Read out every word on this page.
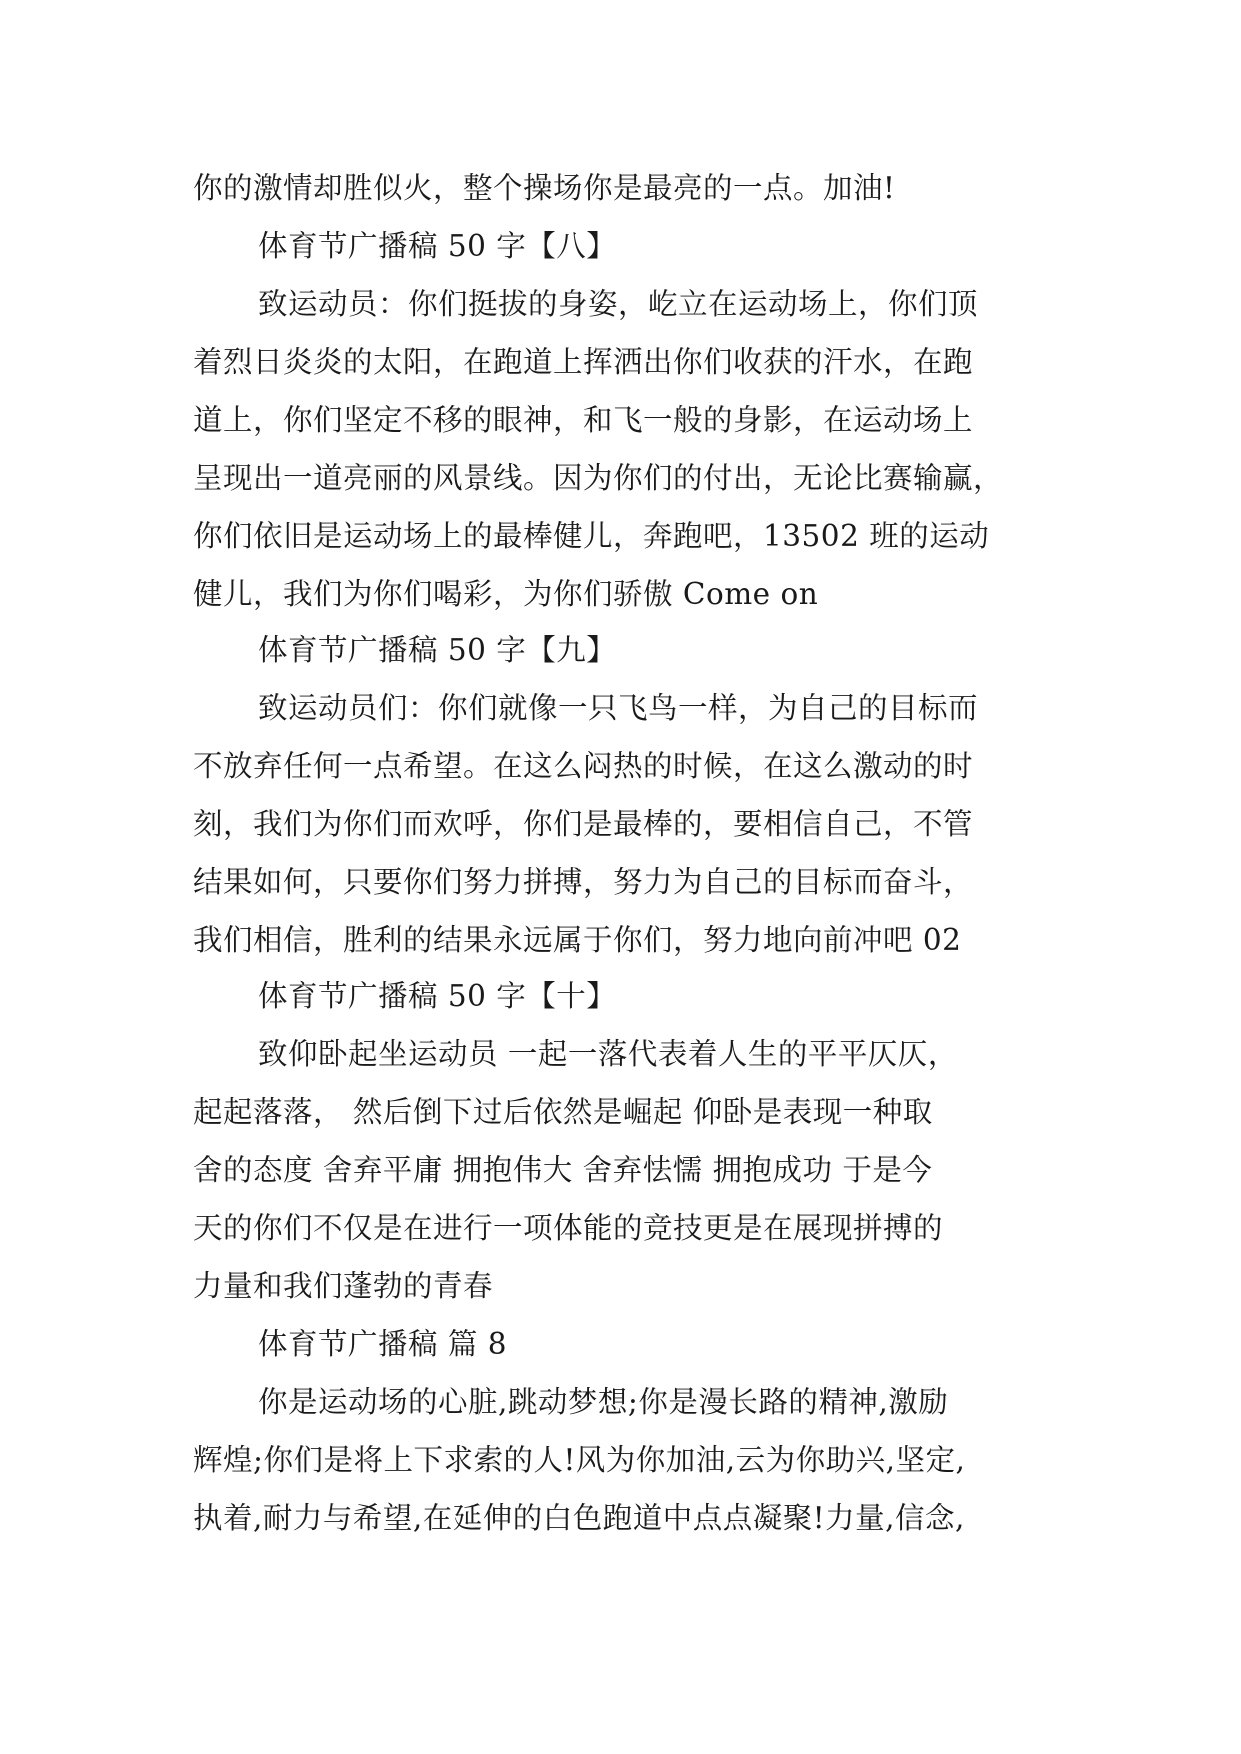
你的激情却胜似火，整个操场你是最亮的一点。加油!
体育节广播稿 50 字【八】
致运动员：你们挺拔的身姿，屹立在运动场上，你们顶
着烈日炎炎的太阳，在跑道上挥洒出你们收获的汗水，在跑
道上，你们坚定不移的眼神，和飞一般的身影，在运动场上
呈现出一道亮丽的风景线。因为你们的付出，无论比赛输赢，
你们依旧是运动场上的最棒健儿，奔跑吧，13502 班的运动
健儿，我们为你们喝彩，为你们骄傲 Come on
体育节广播稿 50 字【九】
致运动员们：你们就像一只飞鸟一样，为自己的目标而
不放弃任何一点希望。在这么闷热的时候，在这么激动的时
刻，我们为你们而欢呼，你们是最棒的，要相信自己，不管
结果如何，只要你们努力拼搏，努力为自己的目标而奋斗，
我们相信，胜利的结果永远属于你们，努力地向前冲吧 02
体育节广播稿 50 字【十】
致仰卧起坐运动员 一起一落代表着人生的平平仄仄，
起起落落， 然后倒下过后依然是崛起 仰卧是表现一种取
舍的态度 舍弃平庸 拥抱伟大 舍弃怯懦 拥抱成功 于是今
天的你们不仅是在进行一项体能的竞技更是在展现拼搏的
力量和我们蓬勃的青春
体育节广播稿 篇 8
你是运动场的心脏,跳动梦想;你是漫长路的精神,激励
辉煌;你们是将上下求索的人!风为你加油,云为你助兴,坚定,
执着,耐力与希望,在延伸的白色跑道中点点凝聚!力量,信念,
